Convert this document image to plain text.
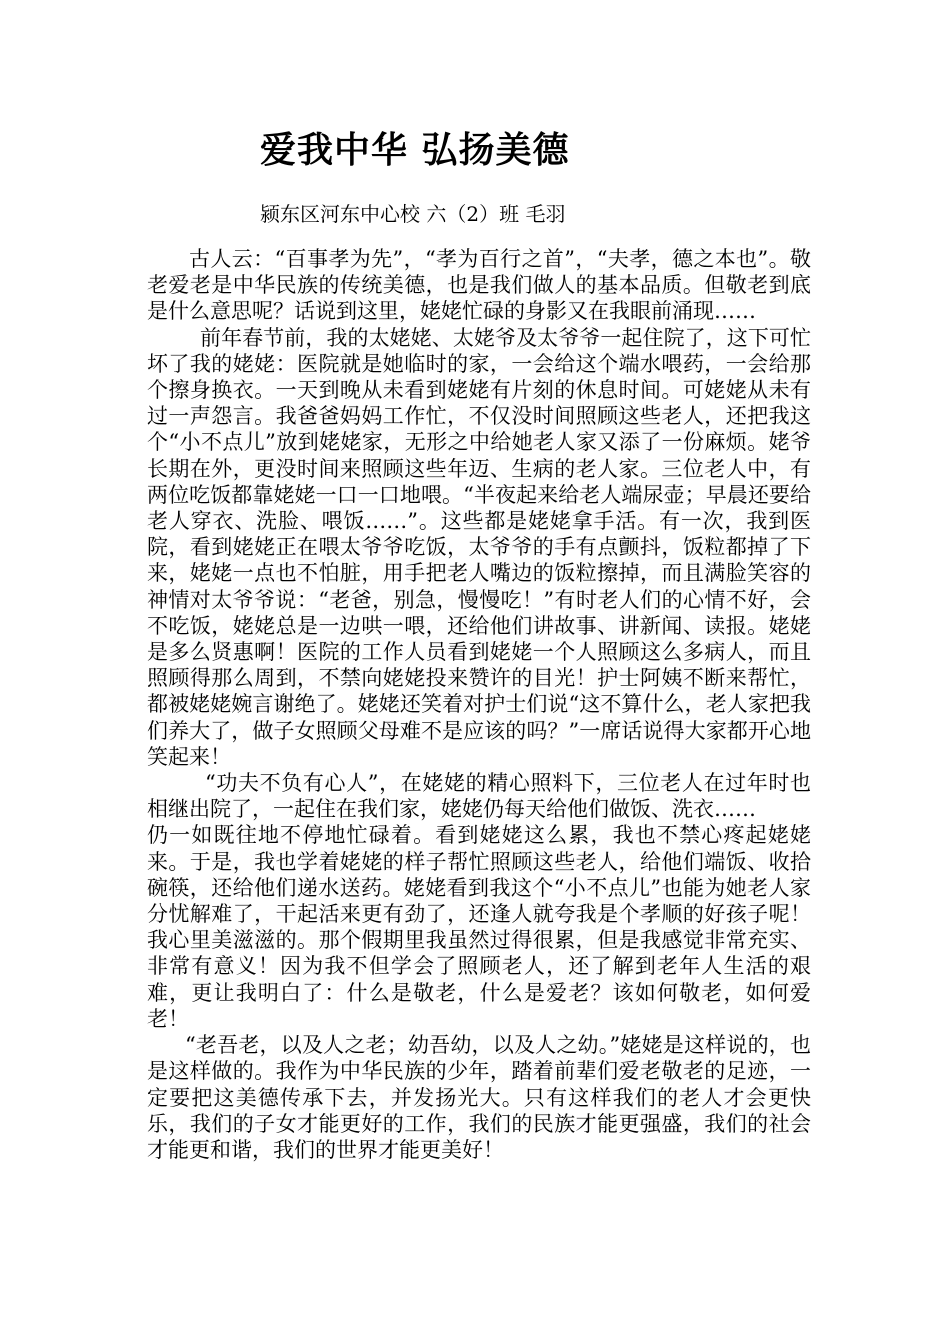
爱我中华 弘扬美德
颍东区河东中心校 六（2）班 毛羽

古人云：“百事孝为先”，“孝为百行之首”，“夫孝，德之本也”。敬老爱老是中华民族的传统美德，也是我们做人的基本品质。但敬老到底是什么意思呢？话说到这里，姥姥忙碌的身影又在我眼前涌现……

前年春节前，我的太姥姥、太姥爷及太爷爷一起住院了，这下可忙坏了我的姥姥：医院就是她临时的家，一会给这个端水喂药，一会给那个擦身换衣。一天到晚从未看到姥姥有片刻的休息时间。可姥姥从未有过一声怨言。我爸爸妈妈工作忙，不仅没时间照顾这些老人，还把我这个“小不点儿”放到姥姥家，无形之中给她老人家又添了一份麻烦。姥爷长期在外，更没时间来照顾这些年迈、生病的老人家。三位老人中，有两位吃饭都靠姥姥一口一口地喂。“半夜起来给老人端尿壶；早晨还要给老人穿衣、洗脸、喂饭……”。这些都是姥姥拿手活。有一次，我到医院，看到姥姥正在喂太爷爷吃饭，太爷爷的手有点颤抖，饭粒都掉了下来，姥姥一点也不怕脏，用手把老人嘴边的饭粒擦掉，而且满脸笑容的神情对太爷爷说：“老爸，别急，慢慢吃！”有时老人们的心情不好，会不吃饭，姥姥总是一边哄一喂，还给他们讲故事、讲新闻、读报。姥姥是多么贤惠啊！医院的工作人员看到姥姥一个人照顾这么多病人，而且照顾得那么周到，不禁向姥姥投来赞许的目光！护士阿姨不断来帮忙，都被姥姥婉言谢绝了。姥姥还笑着对护士们说“这不算什么，老人家把我们养大了，做子女照顾父母难不是应该的吗？”一席话说得大家都开心地笑起来！

“功夫不负有心人”，在姥姥的精心照料下，三位老人在过年时也相继出院了，一起住在我们家，姥姥仍每天给他们做饭、洗衣……

仍一如既往地不停地忙碌着。看到姥姥这么累，我也不禁心疼起姥姥来。于是，我也学着姥姥的样子帮忙照顾这些老人，给他们端饭、收拾碗筷，还给他们递水送药。姥姥看到我这个“小不点儿”也能为她老人家分忧解难了，干起活来更有劲了，还逢人就夸我是个孝顺的好孩子呢！我心里美滋滋的。那个假期里我虽然过得很累，但是我感觉非常充实、非常有意义！因为我不但学会了照顾老人，还了解到老年人生活的艰难，更让我明白了：什么是敬老，什么是爱老？该如何敬老，如何爱老！

“老吾老，以及人之老；幼吾幼，以及人之幼。”姥姥是这样说的，也是这样做的。我作为中华民族的少年，踏着前辈们爱老敬老的足迹，一定要把这美德传承下去，并发扬光大。只有这样我们的老人才会更快乐，我们的子女才能更好的工作，我们的民族才能更强盛，我们的社会才能更和谐，我们的世界才能更美好！
